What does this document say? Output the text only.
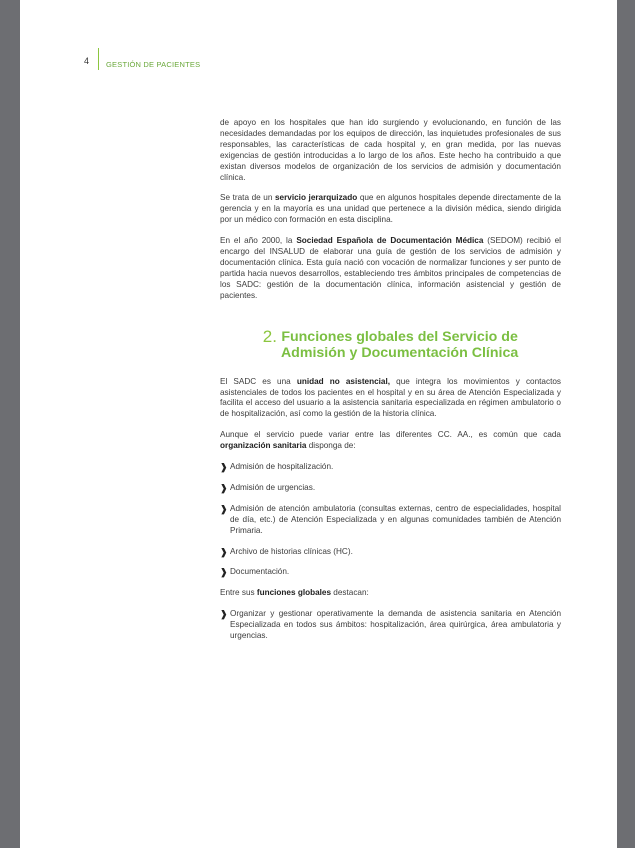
4 GESTIÓN DE PACIENTES

de apoyo en los hospitales que han ido surgiendo y evolucionando, en función de las necesidades demandadas por los equipos de dirección, las inquietudes profesionales de sus responsables, las características de cada hospital y, en gran medida, por las nuevas exigencias de gestión introducidas a lo largo de los años. Este hecho ha contribuido a que existan diversos modelos de organización de los servicios de admisión y documentación clínica.

Se trata de un servicio jerarquizado que en algunos hospitales depende directamente de la gerencia y en la mayoría es una unidad que pertenece a la división médica, siendo dirigida por un médico con formación en esta disciplina.

En el año 2000, la Sociedad Española de Documentación Médica (SEDOM) recibió el encargo del INSALUD de elaborar una guía de gestión de los servicios de admisión y documentación clínica. Esta guía nació con vocación de normalizar funciones y ser punto de partida hacia nuevos desarrollos, estableciendo tres ámbitos principales de competencias de los SADC: gestión de la documentación clínica, información asistencial y gestión de pacientes.

2. Funciones globales del Servicio de
Admisión y Documentación Clínica

El SADC es una unidad no asistencial, que integra los movimientos y contactos asistenciales de todos los pacientes en el hospital y en su área de Atención Especializada y facilita el acceso del usuario a la asistencia sanitaria especializada en régimen ambulatorio o de hospitalización, así como la gestión de la historia clínica.

Aunque el servicio puede variar entre las diferentes CC. AA., es común que cada organización sanitaria disponga de:

❱ Admisión de hospitalización.
❱ Admisión de urgencias.
❱ Admisión de atención ambulatoria (consultas externas, centro de especialidades, hospital de día, etc.) de Atención Especializada y en algunas comunidades también de Atención Primaria.
❱ Archivo de historias clínicas (HC).
❱ Documentación.

Entre sus funciones globales destacan:

❱ Organizar y gestionar operativamente la demanda de asistencia sanitaria en Atención Especializada en todos sus ámbitos: hospitalización, área quirúrgica, área ambulatoria y urgencias.
